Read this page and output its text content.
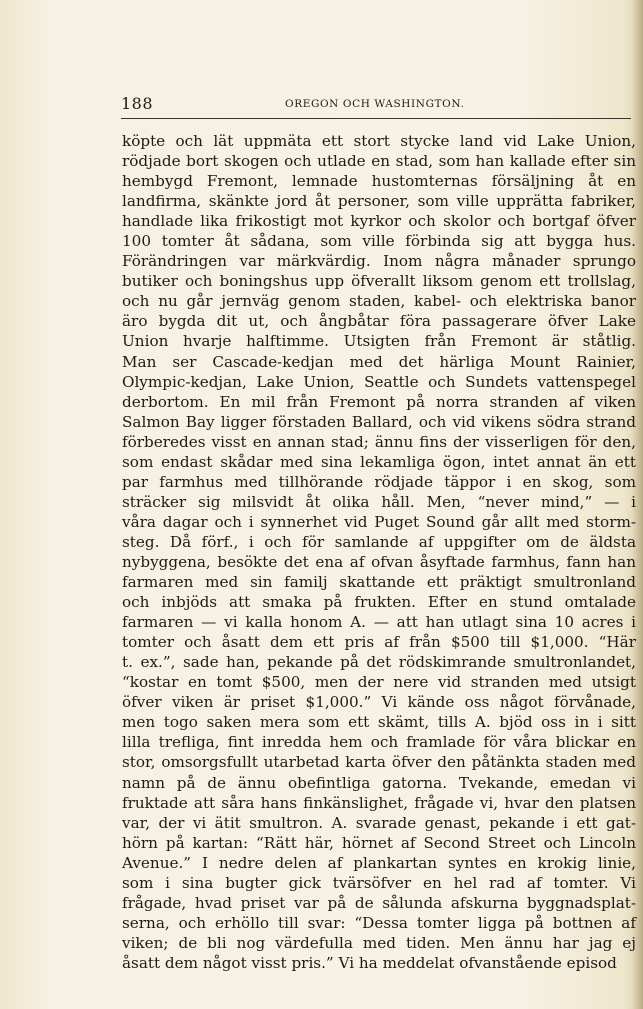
188	OREGON OCH WASHINGTON.
köpte och lät uppmäta ett stort stycke land vid Lake Union,
rödjade bort skogen och utlade en stad, som han kallade efter sin
hembygd Fremont, lemnade hustomternas försäljning åt en
landfirma, skänkte jord åt personer, som ville upprätta fabriker,
handlade lika frikostigt mot kyrkor och skolor och bortgaf öfver
100 tomter åt sådana, som ville förbinda sig att bygga hus.
Förändringen var märkvärdig. Inom några månader sprungo
butiker och boningshus upp öfverallt liksom genom ett trollslag,
och nu går jernväg genom staden, kabel- och elektriska banor
äro bygda dit ut, och ångbåtar föra passagerare öfver Lake
Union hvarje halftimme. Utsigten från Fremont är ståtlig.
Man ser Cascade-kedjan med det härliga Mount Rainier,
Olympic-kedjan, Lake Union, Seattle och Sundets vattenspegel
derbortom. En mil från Fremont på norra stranden af viken
Salmon Bay ligger förstaden Ballard, och vid vikens södra strand
förberedes visst en annan stad; ännu fins der visserligen för den,
som endast skådar med sina lekamliga ögon, intet annat än ett
par farmhus med tillhörande rödjade täppor i en skog, som
sträcker sig milsvidt åt olika håll. Men, “never mind,” — i
våra dagar och i synnerhet vid Puget Sound går allt med storm-
steg. Då förf., i och för samlande af uppgifter om de äldsta
nybyggena, besökte det ena af ofvan åsyftade farmhus, fann han
farmaren med sin familj skattande ett präktigt smultronland
och inbjöds att smaka på frukten. Efter en stund omtalade
farmaren — vi kalla honom A. — att han utlagt sina 10 acres i
tomter och åsatt dem ett pris af från $500 till $1,000. “Här
t. ex.”, sade han, pekande på det rödskimrande smultronlandet,
“kostar en tomt $500, men der nere vid stranden med utsigt
öfver viken är priset $1,000.” Vi kände oss något förvånade,
men togo saken mera som ett skämt, tills A. bjöd oss in i sitt
lilla trefliga, fint inredda hem och framlade för våra blickar en
stor, omsorgsfullt utarbetad karta öfver den påtänkta staden med
namn på de ännu obefintliga gatorna. Tvekande, emedan vi
fruktade att såra hans finkänslighet, frågade vi, hvar den platsen
var, der vi ätit smultron. A. svarade genast, pekande i ett gat-
hörn på kartan: “Rätt här, hörnet af Second Street och Lincoln
Avenue.” I nedre delen af plankartan syntes en krokig linie,
som i sina bugter gick tvärsöfver en hel rad af tomter. Vi
frågade, hvad priset var på de sålunda afskurna byggnadsplat-
serna, och erhöllo till svar: “Dessa tomter ligga på bottnen af
viken; de bli nog värdefulla med tiden. Men ännu har jag ej
åsatt dem något visst pris.” Vi ha meddelat ofvanstående episod
